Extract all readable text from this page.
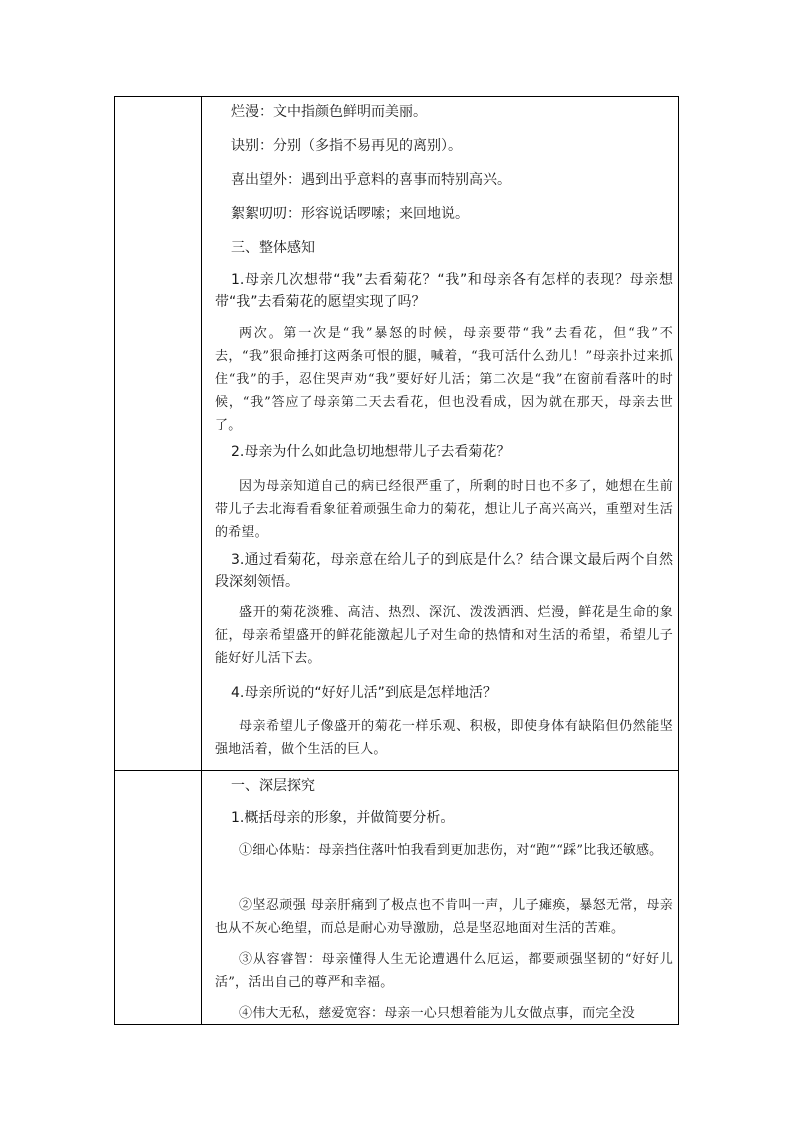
烂漫：文中指颜色鲜明而美丽。

诀别：分别（多指不易再见的离别）。

喜出望外：遇到出乎意料的喜事而特别高兴。

絮絮叨叨：形容说话啰嗦；来回地说。

三、整体感知

1.母亲几次想带“我”去看菊花？“我”和母亲各有怎样的表现？母亲想带“我”去看菊花的愿望实现了吗？

两次。第一次是“我”暴怒的时候，母亲要带“我”去看花，但“我”不去，“我”狠命捶打这两条可恨的腿，喊着，“我可活什么劲儿！”母亲扑过来抓住“我”的手，忍住哭声劝“我”要好好儿活；第二次是“我”在窗前看落叶的时候，“我”答应了母亲第二天去看花，但也没看成，因为就在那天，母亲去世了。

2.母亲为什么如此急切地想带儿子去看菊花？

因为母亲知道自己的病已经很严重了，所剩的时日也不多了，她想在生前带儿子去北海看看象征着顽强生命力的菊花，想让儿子高兴高兴，重塑对生活的希望。

3.通过看菊花，母亲意在给儿子的到底是什么？结合课文最后两个自然段深刻领悟。

盛开的菊花淡雅、高洁、热烈、深沉、泼泼洒洒、烂漫，鲜花是生命的象征，母亲希望盛开的鲜花能激起儿子对生命的热情和对生活的希望，希望儿子能好好儿活下去。

4.母亲所说的“好好儿活”到底是怎样地活？

母亲希望儿子像盛开的菊花一样乐观、积极，即使身体有缺陷但仍然能坚强地活着，做个生活的巨人。

一、深层探究

1.概括母亲的形象，并做简要分析。

①细心体贴：母亲挡住落叶怕我看到更加悲伤，对“跑”“踩”比我还敏感。

②坚忍顽强 母亲肝痛到了极点也不肯叫一声，儿子瘫痪，暴怒无常，母亲也从不灰心绝望，而总是耐心劝导激励，总是坚忍地面对生活的苦难。

③从容睿智：母亲懂得人生无论遭遇什么厄运，都要顽强坚韧的“好好儿活”，活出自己的尊严和幸福。

④伟大无私，慈爱宽容：母亲一心只想着能为儿女做点事，而完全没
